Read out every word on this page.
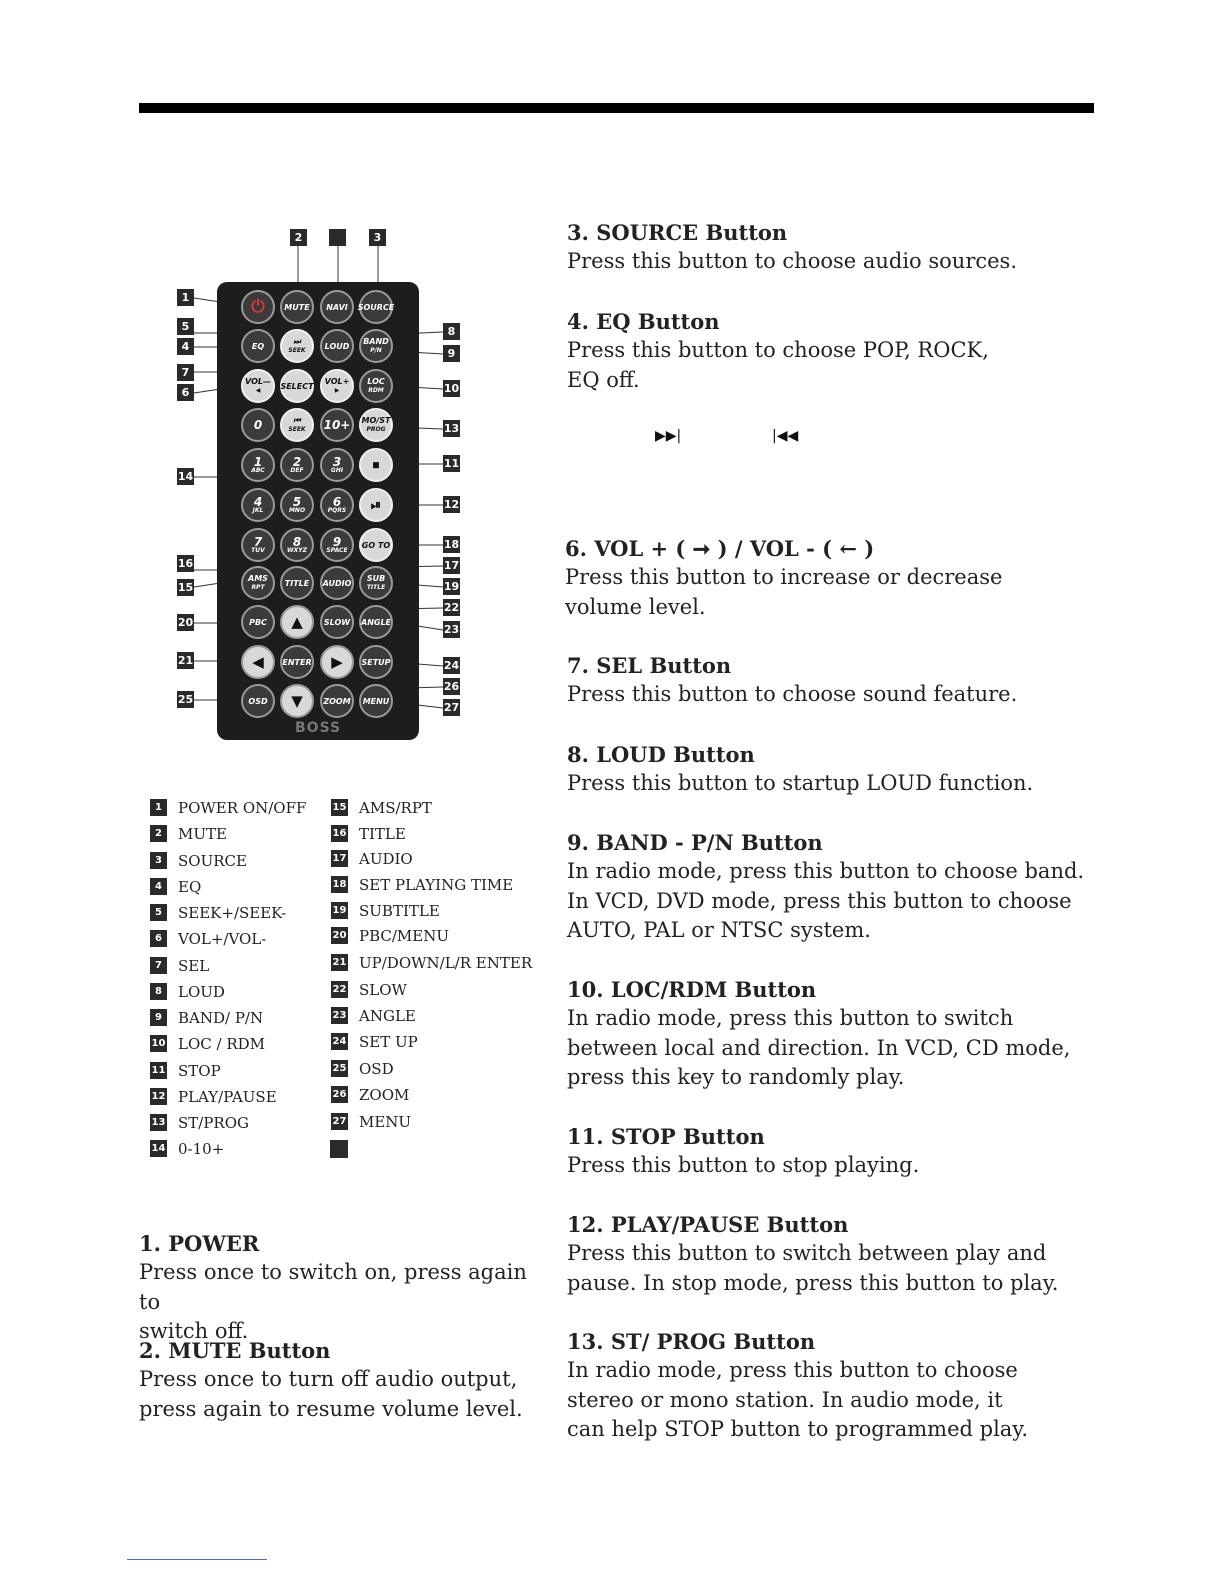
2	3
1
5
4
7
6
14
16
15
20
21
25
8
9
10
13
11
12
18
17
19
22
23
24
26
27
⏻	MUTE	NAVI	SOURCE
EQ	⏭
SEEK	LOUD	BAND
P/N
VOL—
◀	SELECT VOL+
▶
LOC
RDM
0	⏮
SEEK	10+	MO/ST
PROG
1
ABC
2
DEF
3
GHI	⏹
4
JKL
5
MNO
6
PQRS	⏯
7
TUV
8
WXYZ
9
SPACE
GO TO
AMS
RPT	TITLE	AUDIO	SUB
TITLE
PBC	▲	SLOW	ANGLE
◀	ENTER	▶	SETUP
OSD	▼	ZOOM	MENU
BOSS
1	POWER ON/OFF
2	MUTE
3	SOURCE
4	EQ
5	SEEK+/SEEK-
6	VOL+/VOL-
7	SEL
8	LOUD
9	BAND/ P/N
10 LOC / RDM
11 STOP
12 PLAY/PAUSE
13 ST/PROG
14 0-10+
15 AMS/RPT
16 TITLE
17 AUDIO
18 SET PLAYING TIME
19 SUBTITLE
20 PBC/MENU
21 UP/DOWN/L/R ENTER
22 SLOW
23 ANGLE
24 SET UP
25 OSD
26 ZOOM
27 MENU
1. POWER

Press once to switch on, press again to
switch off.

2. MUTE Button

Press once to turn off audio output,
press again to resume volume level.

3. SOURCE Button

Press this button to choose audio sources.

4. EQ Button

Press this button to choose POP, ROCK,
EQ off.

▶▶|	|◀◀
6. VOL + ( ➞ ) / VOL - ( ← )

Press this button to increase or decrease
volume level.

7. SEL Button

Press this button to choose sound feature.

8. LOUD Button

Press this button to startup LOUD function.

9. BAND - P/N Button

In radio mode, press this button to choose band.
In VCD, DVD mode, press this button to choose
AUTO, PAL or NTSC system.

10. LOC/RDM Button

In radio mode, press this button to switch
between local and direction. In VCD, CD mode,
press this key to randomly play.

11. STOP Button

Press this button to stop playing.

12. PLAY/PAUSE Button

Press this button to switch between play and
pause. In stop mode, press this button to play.

13. ST/ PROG Button

In radio mode, press this button to choose
stereo or mono station. In audio mode, it
can help STOP button to programmed play.
